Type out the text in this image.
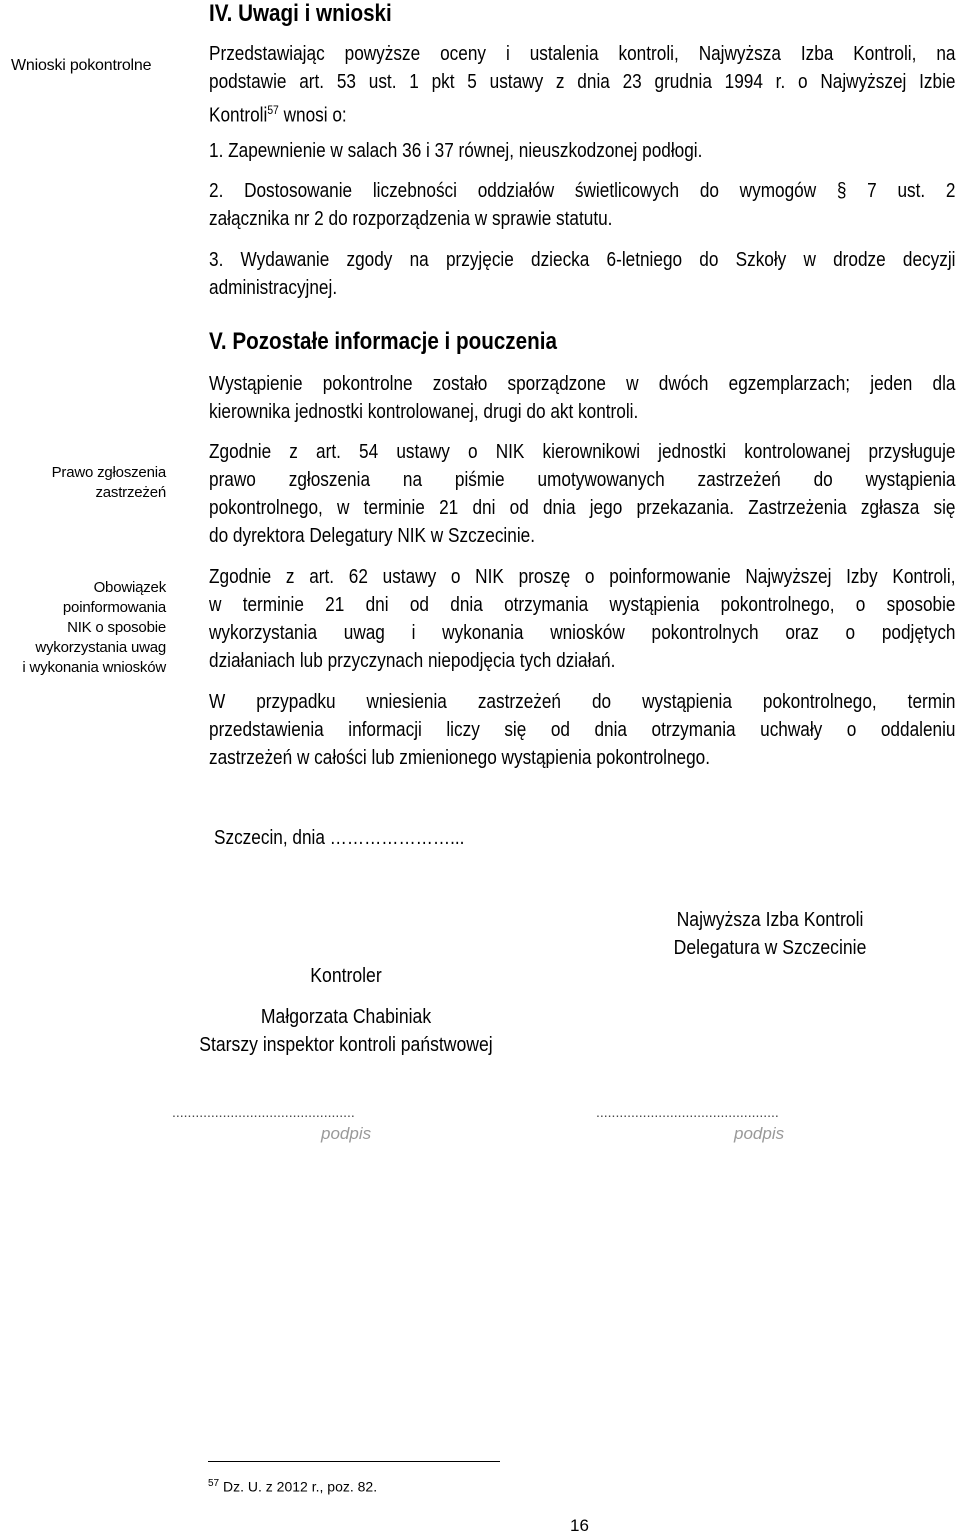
Wnioski pokontrolne
Prawo zgłoszenia
zastrzeżeń
Obowiązek
poinformowania
NIK o sposobie
wykorzystania uwag
i wykonania wniosków
IV. Uwagi i wnioski
Przedstawiając powyższe oceny i ustalenia kontroli, Najwyższa Izba Kontroli, na
podstawie art. 53 ust. 1 pkt 5 ustawy z dnia 23 grudnia 1994 r. o Najwyższej Izbie
Kontroli$^{57}$ wnosi o:
1. Zapewnienie w salach 36 i 37 równej, nieuszkodzonej podłogi.
2. Dostosowanie liczebności oddziałów świetlicowych do wymogów § 7 ust. 2
załącznika nr 2 do rozporządzenia w sprawie statutu.
3. Wydawanie zgody na przyjęcie dziecka 6-letniego do Szkoły w drodze decyzji
administracyjnej.
V. Pozostałe informacje i pouczenia
Wystąpienie pokontrolne zostało sporządzone w dwóch egzemplarzach; jeden dla
kierownika jednostki kontrolowanej, drugi do akt kontroli.
Zgodnie z art. 54 ustawy o NIK kierownikowi jednostki kontrolowanej przysługuje
prawo zgłoszenia na piśmie umotywowanych zastrzeżeń do wystąpienia
pokontrolnego, w terminie 21 dni od dnia jego przekazania. Zastrzeżenia zgłasza się
do dyrektora Delegatury NIK w Szczecinie.
Zgodnie z art. 62 ustawy o NIK proszę o poinformowanie Najwyższej Izby Kontroli,
w terminie 21 dni od dnia otrzymania wystąpienia pokontrolnego, o sposobie
wykorzystania uwag i wykonania wniosków pokontrolnych oraz o podjętych
działaniach lub przyczynach niepodjęcia tych działań.
W przypadku wniesienia zastrzeżeń do wystąpienia pokontrolnego, termin
przedstawienia informacji liczy się od dnia otrzymania uchwały o oddaleniu
zastrzeżeń w całości lub zmienionego wystąpienia pokontrolnego.
Szczecin, dnia …………………...
Najwyższa Izba Kontroli
Delegatura w Szczecinie
Kontroler
Małgorzata Chabiniak
Starszy inspektor kontroli państwowej
...............................................
podpis
...............................................
podpis
$^{57}$ Dz. U. z 2012 r., poz. 82.
16
